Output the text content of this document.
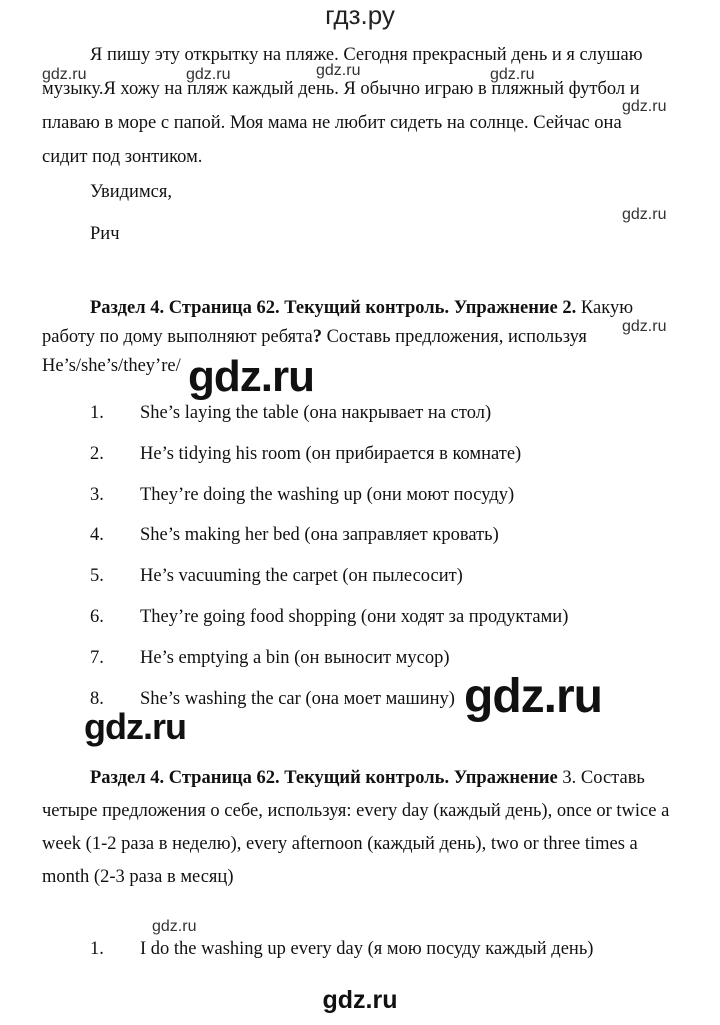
гдз.ру

Я пишу эту открытку на пляже. Сегодня прекрасный день и я слушаю музыку.Я хожу на пляж каждый день. Я обычно играю в пляжный футбол и плаваю в море с папой. Моя мама не любит сидеть на солнце. Сейчас она сидит под зонтиком.

Увидимся,
Рич

Раздел 4. Страница 62. Текущий контроль. Упражнение 2. Какую работу по дому выполняют ребята? Составь предложения, используя He’s/she’s/they’re/

1. She’s laying the table (она накрывает на стол)
2. He’s tidying his room (он прибирается в комнате)
3. They’re doing the washing up (они моют посуду)
4. She’s making her bed (она заправляет кровать)
5. He’s vacuuming the carpet (он пылесосит)
6. They’re going food shopping (они ходят за продуктами)
7. He’s emptying a bin (он выносит мусор)
8. She’s washing the car (она моет машину)

Раздел 4. Страница 62. Текущий контроль. Упражнение 3. Составь четыре предложения о себе, используя: every day (каждый день), once or twice a week (1-2 раза в неделю), every afternoon (каждый день), two or three times a month (2-3 раза в месяц)

1. I do the washing up every day (я мою посуду каждый день)
gdz.ru	gdz.ru	gdz.ru	gdz.ru
gdz.ru
gdz.ru
gdz.ru
gdz.ru
gdz.ru
gdz.ru
gdz.ru
gdz.ru
